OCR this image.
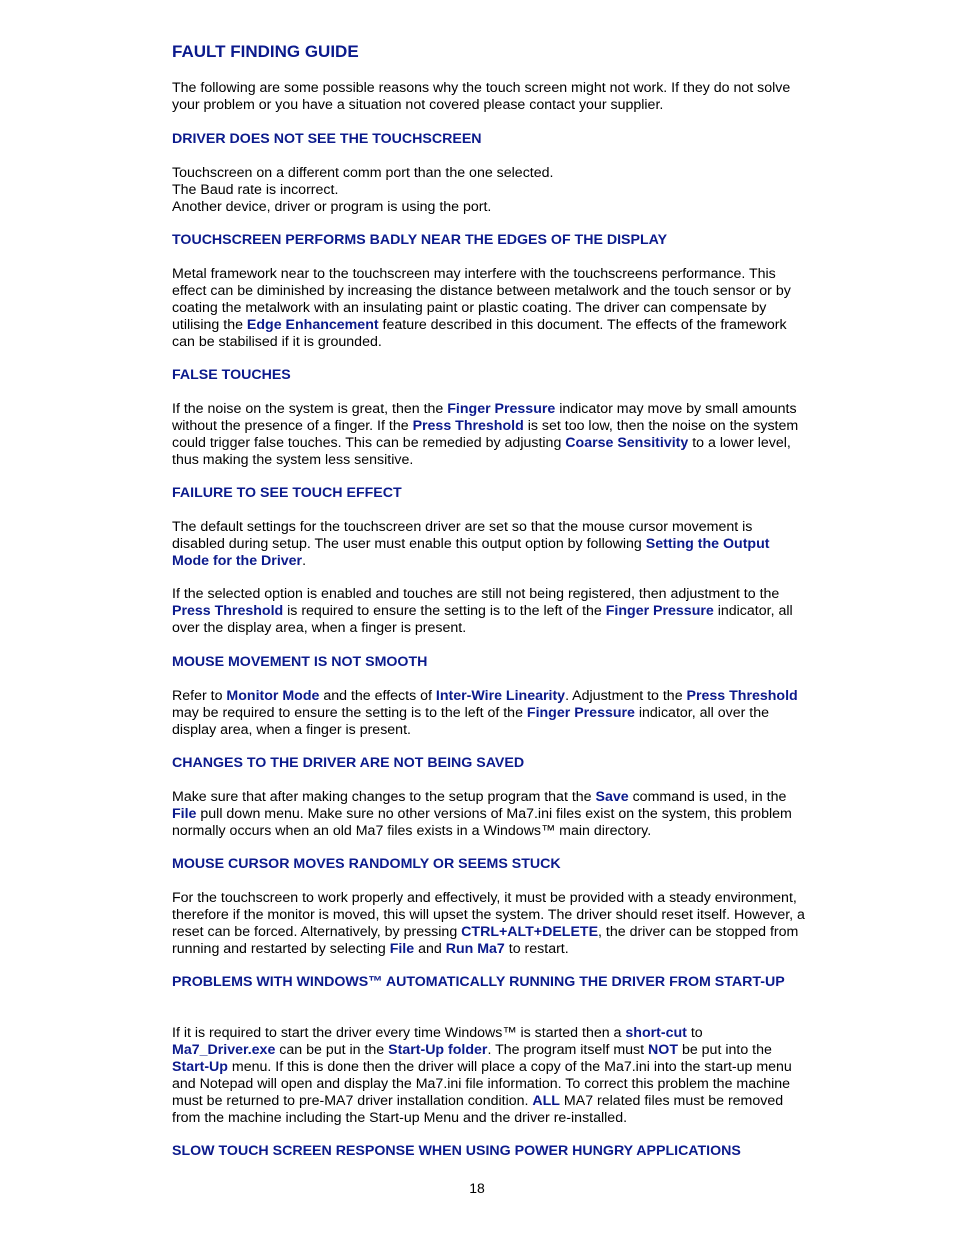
FAULT FINDING GUIDE

The following are some possible reasons why the touch screen might not work. If they do not solve your problem or you have a situation not covered please contact your supplier.

DRIVER DOES NOT SEE THE TOUCHSCREEN

Touchscreen on a different comm port than the one selected.
The Baud rate is incorrect.
Another device, driver or program is using the port.

TOUCHSCREEN PERFORMS BADLY NEAR THE EDGES OF THE DISPLAY

Metal framework near to the touchscreen may interfere with the touchscreens performance. This effect can be diminished by increasing the distance between metalwork and the touch sensor or by coating the metalwork with an insulating paint or plastic coating. The driver can compensate by utilising the Edge Enhancement feature described in this document. The effects of the framework can be stabilised if it is grounded.

FALSE TOUCHES

If the noise on the system is great, then the Finger Pressure indicator may move by small amounts without the presence of a finger. If the Press Threshold is set too low, then the noise on the system could trigger false touches. This can be remedied by adjusting Coarse Sensitivity to a lower level, thus making the system less sensitive.

FAILURE TO SEE TOUCH EFFECT

The default settings for the touchscreen driver are set so that the mouse cursor movement is disabled during setup. The user must enable this output option by following Setting the Output Mode for the Driver.

If the selected option is enabled and touches are still not being registered, then adjustment to the Press Threshold is required to ensure the setting is to the left of the Finger Pressure indicator, all over the display area, when a finger is present.

MOUSE MOVEMENT IS NOT SMOOTH

Refer to Monitor Mode and the effects of Inter-Wire Linearity. Adjustment to the Press Threshold may be required to ensure the setting is to the left of the Finger Pressure indicator, all over the display area, when a finger is present.

CHANGES TO THE DRIVER ARE NOT BEING SAVED

Make sure that after making changes to the setup program that the Save command is used, in the File pull down menu. Make sure no other versions of Ma7.ini files exist on the system, this problem normally occurs when an old Ma7 files exists in a Windows™ main directory.

MOUSE CURSOR MOVES RANDOMLY OR SEEMS STUCK

For the touchscreen to work properly and effectively, it must be provided with a steady environment, therefore if the monitor is moved, this will upset the system. The driver should reset itself. However, a reset can be forced. Alternatively, by pressing CTRL+ALT+DELETE, the driver can be stopped from running and restarted by selecting File and Run Ma7 to restart.

PROBLEMS WITH WINDOWS™ AUTOMATICALLY RUNNING THE DRIVER FROM START-UP

If it is required to start the driver every time Windows™ is started then a short-cut to Ma7_Driver.exe can be put in the Start-Up folder. The program itself must NOT be put into the Start-Up menu. If this is done then the driver will place a copy of the Ma7.ini into the start-up menu and Notepad will open and display the Ma7.ini file information. To correct this problem the machine must be returned to pre-MA7 driver installation condition. ALL MA7 related files must be removed from the machine including the Start-up Menu and the driver re-installed.

SLOW TOUCH SCREEN RESPONSE WHEN USING POWER HUNGRY APPLICATIONS
18
